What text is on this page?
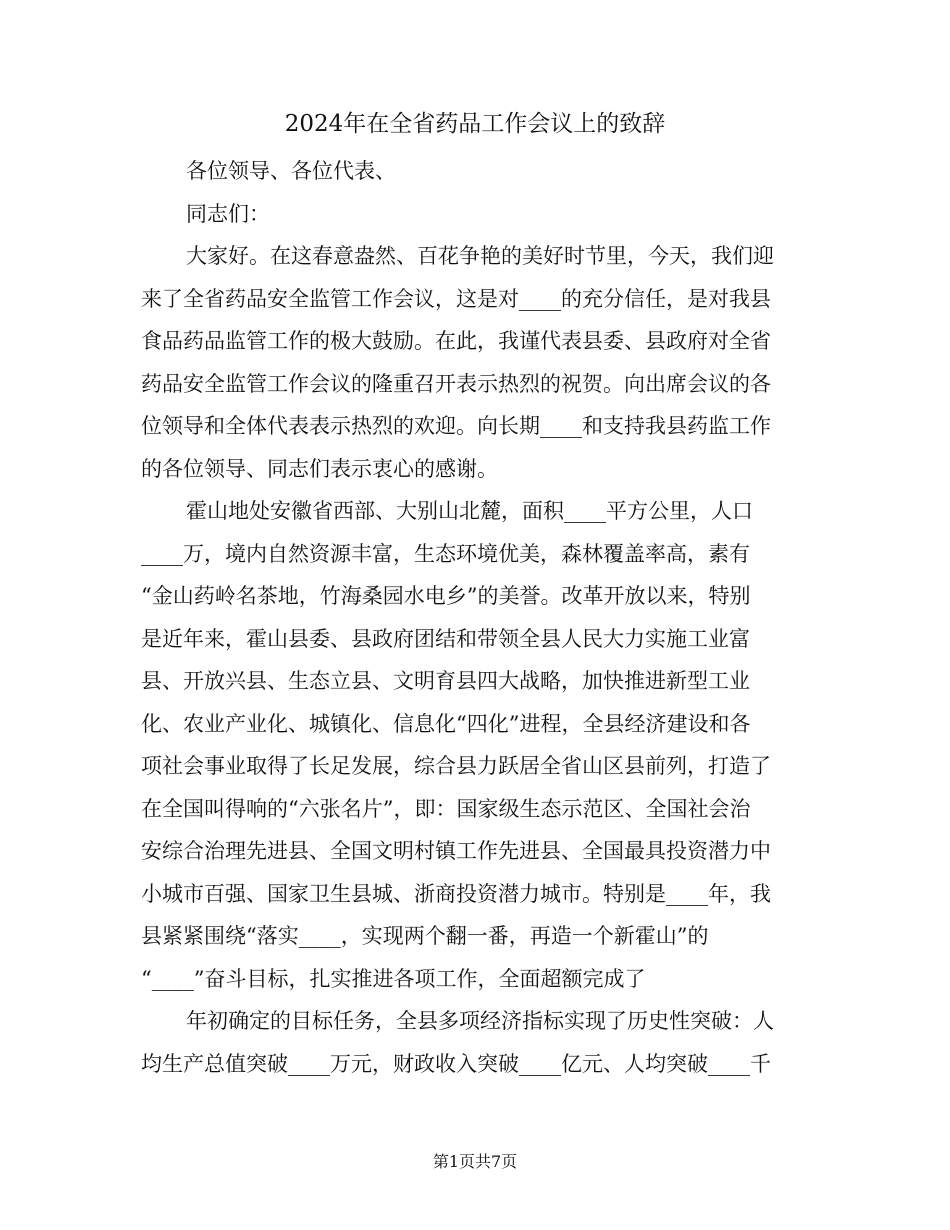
2024年在全省药品工作会议上的致辞
各位领导、各位代表、
同志们：
大家好。在这春意盎然、百花争艳的美好时节里，今天，我们迎
来了全省药品安全监管工作会议，这是对____的充分信任，是对我县
食品药品监管工作的极大鼓励。在此，我谨代表县委、县政府对全省
药品安全监管工作会议的隆重召开表示热烈的祝贺。向出席会议的各
位领导和全体代表表示热烈的欢迎。向长期____和支持我县药监工作
的各位领导、同志们表示衷心的感谢。
霍山地处安徽省西部、大别山北麓，面积____平方公里，人口
____万，境内自然资源丰富，生态环境优美，森林覆盖率高，素有
“金山药岭名茶地，竹海桑园水电乡”的美誉。改革开放以来，特别
是近年来，霍山县委、县政府团结和带领全县人民大力实施工业富
县、开放兴县、生态立县、文明育县四大战略，加快推进新型工业
化、农业产业化、城镇化、信息化“四化”进程，全县经济建设和各
项社会事业取得了长足发展，综合县力跃居全省山区县前列，打造了
在全国叫得响的“六张名片”，即：国家级生态示范区、全国社会治
安综合治理先进县、全国文明村镇工作先进县、全国最具投资潜力中
小城市百强、国家卫生县城、浙商投资潜力城市。特别是____年，我
县紧紧围绕“落实____，实现两个翻一番，再造一个新霍山”的
“____”奋斗目标，扎实推进各项工作，全面超额完成了
年初确定的目标任务，全县多项经济指标实现了历史性突破：人
均生产总值突破____万元，财政收入突破____亿元、人均突破____千
第1页共7页
